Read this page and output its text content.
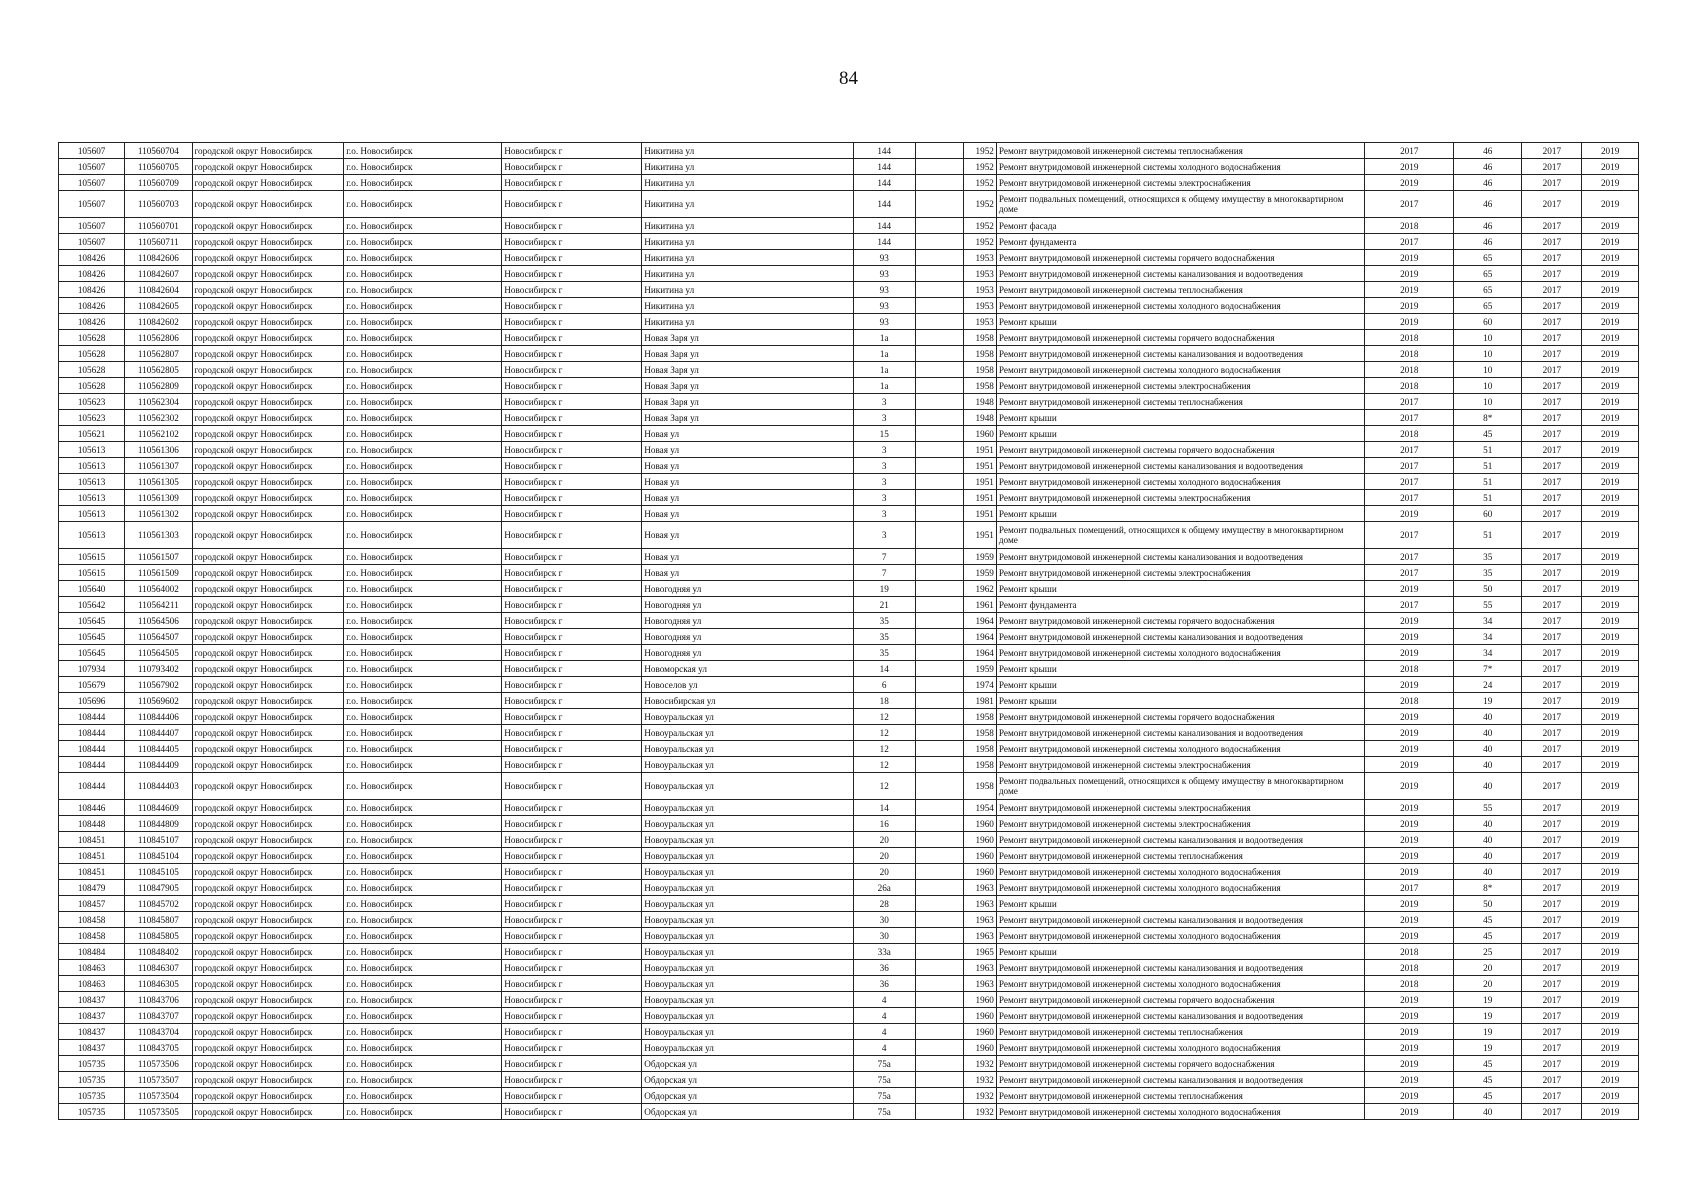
84
105607	110560704	городской округ Новосибирск	г.о. Новосибирск	Новосибирск г	Никитина ул	144		1952	Ремонт внутридомовой инженерной системы теплоснабжения	2017	46	2017	2019
105607	110560705	городской округ Новосибирск	г.о. Новосибирск	Новосибирск г	Никитина ул	144		1952	Ремонт внутридомовой инженерной системы холодного водоснабжения	2019	46	2017	2019
105607	110560709	городской округ Новосибирск	г.о. Новосибирск	Новосибирск г	Никитина ул	144		1952	Ремонт внутридомовой инженерной системы электроснабжения	2019	46	2017	2019
105607	110560703	городской округ Новосибирск	г.о. Новосибирск	Новосибирск г	Никитина ул	144		1952	Ремонт подвальных помещений, относящихся к общему имуществу в многоквартирном доме	2017	46	2017	2019
105607	110560701	городской округ Новосибирск	г.о. Новосибирск	Новосибирск г	Никитина ул	144		1952	Ремонт фасада	2018	46	2017	2019
105607	110560711	городской округ Новосибирск	г.о. Новосибирск	Новосибирск г	Никитина ул	144		1952	Ремонт фундамента	2017	46	2017	2019
108426	110842606	городской округ Новосибирск	г.о. Новосибирск	Новосибирск г	Никитина ул	93		1953	Ремонт внутридомовой инженерной системы горячего водоснабжения	2019	65	2017	2019
108426	110842607	городской округ Новосибирск	г.о. Новосибирск	Новосибирск г	Никитина ул	93		1953	Ремонт внутридомовой инженерной системы канализования и водоотведения	2019	65	2017	2019
108426	110842604	городской округ Новосибирск	г.о. Новосибирск	Новосибирск г	Никитина ул	93		1953	Ремонт внутридомовой инженерной системы теплоснабжения	2019	65	2017	2019
108426	110842605	городской округ Новосибирск	г.о. Новосибирск	Новосибирск г	Никитина ул	93		1953	Ремонт внутридомовой инженерной системы холодного водоснабжения	2019	65	2017	2019
108426	110842602	городской округ Новосибирск	г.о. Новосибирск	Новосибирск г	Никитина ул	93		1953	Ремонт крыши	2019	60	2017	2019
105628	110562806	городской округ Новосибирск	г.о. Новосибирск	Новосибирск г	Новая Заря ул	1а		1958	Ремонт внутридомовой инженерной системы горячего водоснабжения	2018	10	2017	2019
105628	110562807	городской округ Новосибирск	г.о. Новосибирск	Новосибирск г	Новая Заря ул	1а		1958	Ремонт внутридомовой инженерной системы канализования и водоотведения	2018	10	2017	2019
105628	110562805	городской округ Новосибирск	г.о. Новосибирск	Новосибирск г	Новая Заря ул	1а		1958	Ремонт внутридомовой инженерной системы холодного водоснабжения	2018	10	2017	2019
105628	110562809	городской округ Новосибирск	г.о. Новосибирск	Новосибирск г	Новая Заря ул	1а		1958	Ремонт внутридомовой инженерной системы электроснабжения	2018	10	2017	2019
105623	110562304	городской округ Новосибирск	г.о. Новосибирск	Новосибирск г	Новая Заря ул	3		1948	Ремонт внутридомовой инженерной системы теплоснабжения	2017	10	2017	2019
105623	110562302	городской округ Новосибирск	г.о. Новосибирск	Новосибирск г	Новая Заря ул	3		1948	Ремонт крыши	2017	8*	2017	2019
105621	110562102	городской округ Новосибирск	г.о. Новосибирск	Новосибирск г	Новая ул	15		1960	Ремонт крыши	2018	45	2017	2019
105613	110561306	городской округ Новосибирск	г.о. Новосибирск	Новосибирск г	Новая ул	3		1951	Ремонт внутридомовой инженерной системы горячего водоснабжения	2017	51	2017	2019
105613	110561307	городской округ Новосибирск	г.о. Новосибирск	Новосибирск г	Новая ул	3		1951	Ремонт внутридомовой инженерной системы канализования и водоотведения	2017	51	2017	2019
105613	110561305	городской округ Новосибирск	г.о. Новосибирск	Новосибирск г	Новая ул	3		1951	Ремонт внутридомовой инженерной системы холодного водоснабжения	2017	51	2017	2019
105613	110561309	городской округ Новосибирск	г.о. Новосибирск	Новосибирск г	Новая ул	3		1951	Ремонт внутридомовой инженерной системы электроснабжения	2017	51	2017	2019
105613	110561302	городской округ Новосибирск	г.о. Новосибирск	Новосибирск г	Новая ул	3		1951	Ремонт крыши	2019	60	2017	2019
105613	110561303	городской округ Новосибирск	г.о. Новосибирск	Новосибирск г	Новая ул	3		1951	Ремонт подвальных помещений, относящихся к общему имуществу в многоквартирном доме	2017	51	2017	2019
105615	110561507	городской округ Новосибирск	г.о. Новосибирск	Новосибирск г	Новая ул	7		1959	Ремонт внутридомовой инженерной системы канализования и водоотведения	2017	35	2017	2019
105615	110561509	городской округ Новосибирск	г.о. Новосибирск	Новосибирск г	Новая ул	7		1959	Ремонт внутридомовой инженерной системы электроснабжения	2017	35	2017	2019
105640	110564002	городской округ Новосибирск	г.о. Новосибирск	Новосибирск г	Новогодняя ул	19		1962	Ремонт крыши	2019	50	2017	2019
105642	110564211	городской округ Новосибирск	г.о. Новосибирск	Новосибирск г	Новогодняя ул	21		1961	Ремонт фундамента	2017	55	2017	2019
105645	110564506	городской округ Новосибирск	г.о. Новосибирск	Новосибирск г	Новогодняя ул	35		1964	Ремонт внутридомовой инженерной системы горячего водоснабжения	2019	34	2017	2019
105645	110564507	городской округ Новосибирск	г.о. Новосибирск	Новосибирск г	Новогодняя ул	35		1964	Ремонт внутридомовой инженерной системы канализования и водоотведения	2019	34	2017	2019
105645	110564505	городской округ Новосибирск	г.о. Новосибирск	Новосибирск г	Новогодняя ул	35		1964	Ремонт внутридомовой инженерной системы холодного водоснабжения	2019	34	2017	2019
107934	110793402	городской округ Новосибирск	г.о. Новосибирск	Новосибирск г	Новоморская ул	14		1959	Ремонт крыши	2018	7*	2017	2019
105679	110567902	городской округ Новосибирск	г.о. Новосибирск	Новосибирск г	Новоселов ул	6		1974	Ремонт крыши	2019	24	2017	2019
105696	110569602	городской округ Новосибирск	г.о. Новосибирск	Новосибирск г	Новосибирская ул	18		1981	Ремонт крыши	2018	19	2017	2019
108444	110844406	городской округ Новосибирск	г.о. Новосибирск	Новосибирск г	Новоуральская ул	12		1958	Ремонт внутридомовой инженерной системы горячего водоснабжения	2019	40	2017	2019
108444	110844407	городской округ Новосибирск	г.о. Новосибирск	Новосибирск г	Новоуральская ул	12		1958	Ремонт внутридомовой инженерной системы канализования и водоотведения	2019	40	2017	2019
108444	110844405	городской округ Новосибирск	г.о. Новосибирск	Новосибирск г	Новоуральская ул	12		1958	Ремонт внутридомовой инженерной системы холодного водоснабжения	2019	40	2017	2019
108444	110844409	городской округ Новосибирск	г.о. Новосибирск	Новосибирск г	Новоуральская ул	12		1958	Ремонт внутридомовой инженерной системы электроснабжения	2019	40	2017	2019
108444	110844403	городской округ Новосибирск	г.о. Новосибирск	Новосибирск г	Новоуральская ул	12		1958	Ремонт подвальных помещений, относящихся к общему имуществу в многоквартирном доме	2019	40	2017	2019
108446	110844609	городской округ Новосибирск	г.о. Новосибирск	Новосибирск г	Новоуральская ул	14		1954	Ремонт внутридомовой инженерной системы электроснабжения	2019	55	2017	2019
108448	110844809	городской округ Новосибирск	г.о. Новосибирск	Новосибирск г	Новоуральская ул	16		1960	Ремонт внутридомовой инженерной системы электроснабжения	2019	40	2017	2019
108451	110845107	городской округ Новосибирск	г.о. Новосибирск	Новосибирск г	Новоуральская ул	20		1960	Ремонт внутридомовой инженерной системы канализования и водоотведения	2019	40	2017	2019
108451	110845104	городской округ Новосибирск	г.о. Новосибирск	Новосибирск г	Новоуральская ул	20		1960	Ремонт внутридомовой инженерной системы теплоснабжения	2019	40	2017	2019
108451	110845105	городской округ Новосибирск	г.о. Новосибирск	Новосибирск г	Новоуральская ул	20		1960	Ремонт внутридомовой инженерной системы холодного водоснабжения	2019	40	2017	2019
108479	110847905	городской округ Новосибирск	г.о. Новосибирск	Новосибирск г	Новоуральская ул	26а		1963	Ремонт внутридомовой инженерной системы холодного водоснабжения	2017	8*	2017	2019
108457	110845702	городской округ Новосибирск	г.о. Новосибирск	Новосибирск г	Новоуральская ул	28		1963	Ремонт крыши	2019	50	2017	2019
108458	110845807	городской округ Новосибирск	г.о. Новосибирск	Новосибирск г	Новоуральская ул	30		1963	Ремонт внутридомовой инженерной системы канализования и водоотведения	2019	45	2017	2019
108458	110845805	городской округ Новосибирск	г.о. Новосибирск	Новосибирск г	Новоуральская ул	30		1963	Ремонт внутридомовой инженерной системы холодного водоснабжения	2019	45	2017	2019
108484	110848402	городской округ Новосибирск	г.о. Новосибирск	Новосибирск г	Новоуральская ул	33а		1965	Ремонт крыши	2018	25	2017	2019
108463	110846307	городской округ Новосибирск	г.о. Новосибирск	Новосибирск г	Новоуральская ул	36		1963	Ремонт внутридомовой инженерной системы канализования и водоотведения	2018	20	2017	2019
108463	110846305	городской округ Новосибирск	г.о. Новосибирск	Новосибирск г	Новоуральская ул	36		1963	Ремонт внутридомовой инженерной системы холодного водоснабжения	2018	20	2017	2019
108437	110843706	городской округ Новосибирск	г.о. Новосибирск	Новосибирск г	Новоуральская ул	4		1960	Ремонт внутридомовой инженерной системы горячего водоснабжения	2019	19	2017	2019
108437	110843707	городской округ Новосибирск	г.о. Новосибирск	Новосибирск г	Новоуральская ул	4		1960	Ремонт внутридомовой инженерной системы канализования и водоотведения	2019	19	2017	2019
108437	110843704	городской округ Новосибирск	г.о. Новосибирск	Новосибирск г	Новоуральская ул	4		1960	Ремонт внутридомовой инженерной системы теплоснабжения	2019	19	2017	2019
108437	110843705	городской округ Новосибирск	г.о. Новосибирск	Новосибирск г	Новоуральская ул	4		1960	Ремонт внутридомовой инженерной системы холодного водоснабжения	2019	19	2017	2019
105735	110573506	городской округ Новосибирск	г.о. Новосибирск	Новосибирск г	Обдорская ул	75а		1932	Ремонт внутридомовой инженерной системы горячего водоснабжения	2019	45	2017	2019
105735	110573507	городской округ Новосибирск	г.о. Новосибирск	Новосибирск г	Обдорская ул	75а		1932	Ремонт внутридомовой инженерной системы канализования и водоотведения	2019	45	2017	2019
105735	110573504	городской округ Новосибирск	г.о. Новосибирск	Новосибирск г	Обдорская ул	75а		1932	Ремонт внутридомовой инженерной системы теплоснабжения	2019	45	2017	2019
105735	110573505	городской округ Новосибирск	г.о. Новосибирск	Новосибирск г	Обдорская ул	75а		1932	Ремонт внутридомовой инженерной системы холодного водоснабжения	2019	40	2017	2019
